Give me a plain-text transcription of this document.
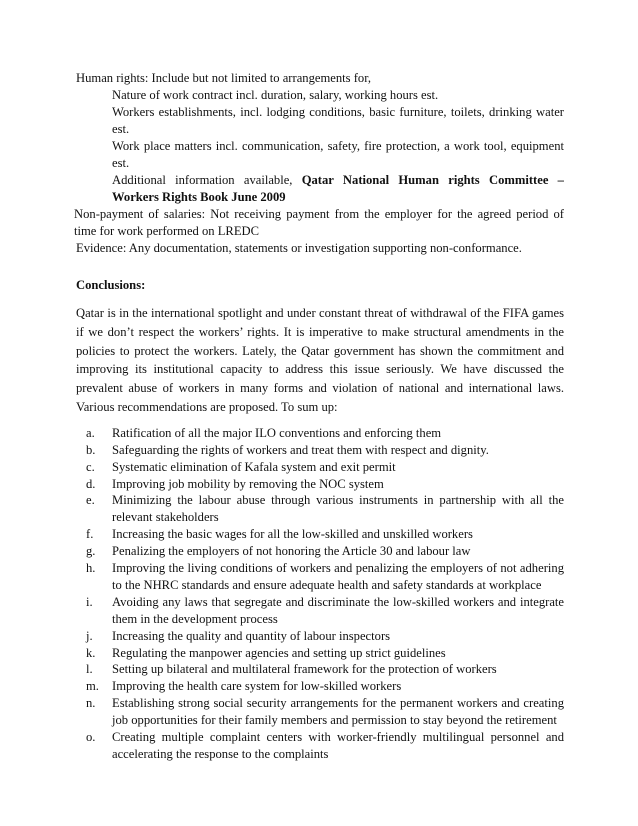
Human rights: Include but not limited to arrangements for,

Nature of work contract incl. duration, salary, working hours est.

Workers establishments, incl. lodging conditions, basic furniture, toilets, drinking water est.

Work place matters incl. communication, safety, fire protection, a work tool, equipment est.

Additional information available, Qatar National Human rights Committee – Workers Rights Book June 2009

Non-payment of salaries: Not receiving payment from the employer for the agreed period of time for work performed on LREDC

Evidence: Any documentation, statements or investigation supporting non-conformance.

Conclusions:

Qatar is in the international spotlight and under constant threat of withdrawal of the FIFA games if we don’t respect the workers’ rights. It is imperative to make structural amendments in the policies to protect the workers. Lately, the Qatar government has shown the commitment and improving its institutional capacity to address this issue seriously. We have discussed the prevalent abuse of workers in many forms and violation of national and international laws. Various recommendations are proposed. To sum up:

a. Ratification of all the major ILO conventions and enforcing them
b. Safeguarding the rights of workers and treat them with respect and dignity.
c. Systematic elimination of Kafala system and exit permit
d. Improving job mobility by removing the NOC system
e. Minimizing the labour abuse through various instruments in partnership with all the relevant stakeholders
f. Increasing the basic wages for all the low-skilled and unskilled workers
g. Penalizing the employers of not honoring the Article 30 and labour law
h. Improving the living conditions of workers and penalizing the employers of not adhering to the NHRC standards and ensure adequate health and safety standards at workplace
i. Avoiding any laws that segregate and discriminate the low-skilled workers and integrate them in the development process
j. Increasing the quality and quantity of labour inspectors
k. Regulating the manpower agencies and setting up strict guidelines
l. Setting up bilateral and multilateral framework for the protection of workers
m. Improving the health care system for low-skilled workers
n. Establishing strong social security arrangements for the permanent workers and creating job opportunities for their family members and permission to stay beyond the retirement
o. Creating multiple complaint centers with worker-friendly multilingual personnel and accelerating the response to the complaints
